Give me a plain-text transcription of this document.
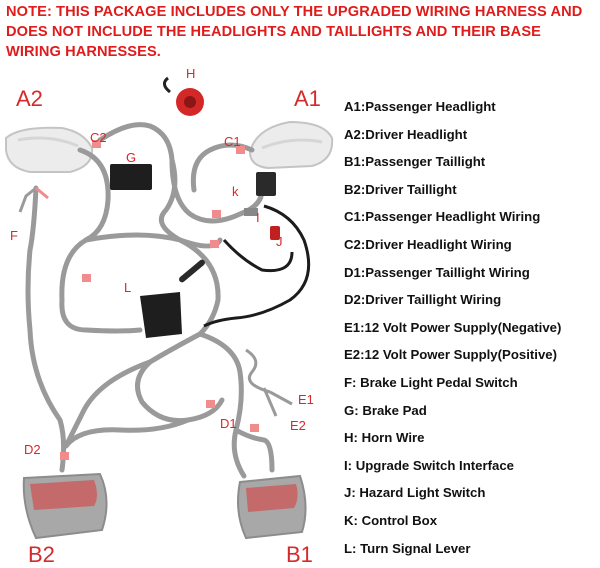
NOTE: THIS PACKAGE INCLUDES ONLY THE UPGRADED WIRING HARNESS AND DOES NOT INCLUDE THE HEADLIGHTS AND TAILLIGHTS AND THEIR BASE WIRING HARNESSES.
A2	A1
B2	B1
C2	C1
G
H
k
I
J
F
L
E1
E2
D1
D2
A1:Passenger Headlight
A2:Driver Headlight
B1:Passenger Taillight
B2:Driver Taillight
C1:Passenger Headlight Wiring
C2:Driver Headlight Wiring
D1:Passenger Taillight Wiring
D2:Driver Taillight Wiring
E1:12 Volt Power Supply(Negative)
E2:12 Volt Power Supply(Positive)
F: Brake Light Pedal Switch
G: Brake Pad
H: Horn Wire
I: Upgrade Switch Interface
J: Hazard Light Switch
K: Control Box
L: Turn Signal Lever
